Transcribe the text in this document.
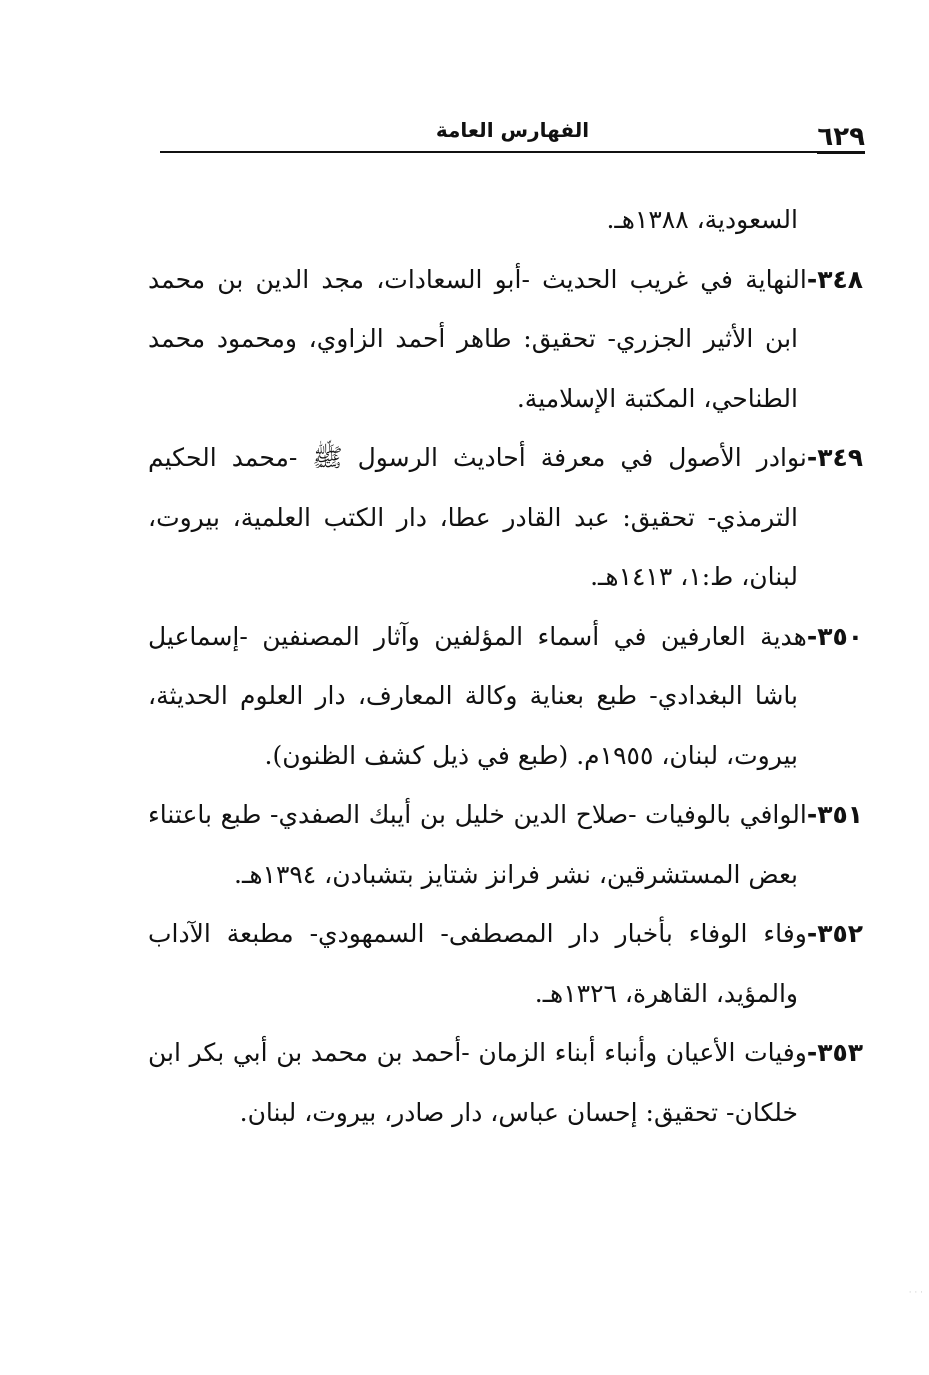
٦٢٩
الفهارس العامة

السعودية، ١٣٨٨هـ.

٣٤٨-النهاية في غريب الحديث -أبو السعادات، مجد الدين بن محمد ابن الأثير الجزري- تحقيق: طاهر أحمد الزاوي، ومحمود محمد الطناحي، المكتبة الإسلامية.

٣٤٩-نوادر الأصول في معرفة أحاديث الرسول ﷺ -محمد الحكيم الترمذي- تحقيق: عبد القادر عطا، دار الكتب العلمية، بيروت، لبنان، ط:١، ١٤١٣هـ.

٣٥٠-هدية العارفين في أسماء المؤلفين وآثار المصنفين -إسماعيل باشا البغدادي- طبع بعناية وكالة المعارف، دار العلوم الحديثة، بيروت، لبنان، ١٩٥٥م. (طبع في ذيل كشف الظنون).

٣٥١-الوافي بالوفيات -صلاح الدين خليل بن أيبك الصفدي- طبع باعتناء بعض المستشرقين، نشر فرانز شتايز بتشبادن، ١٣٩٤هـ.

٣٥٢-وفاء الوفاء بأخبار دار المصطفى- السمهودي- مطبعة الآداب والمؤيد، القاهرة، ١٣٢٦هـ.

٣٥٣-وفيات الأعيان وأنباء أبناء الزمان -أحمد بن محمد بن أبي بكر ابن خلكان- تحقيق: إحسان عباس، دار صادر، بيروت، لبنان.

· · ·
